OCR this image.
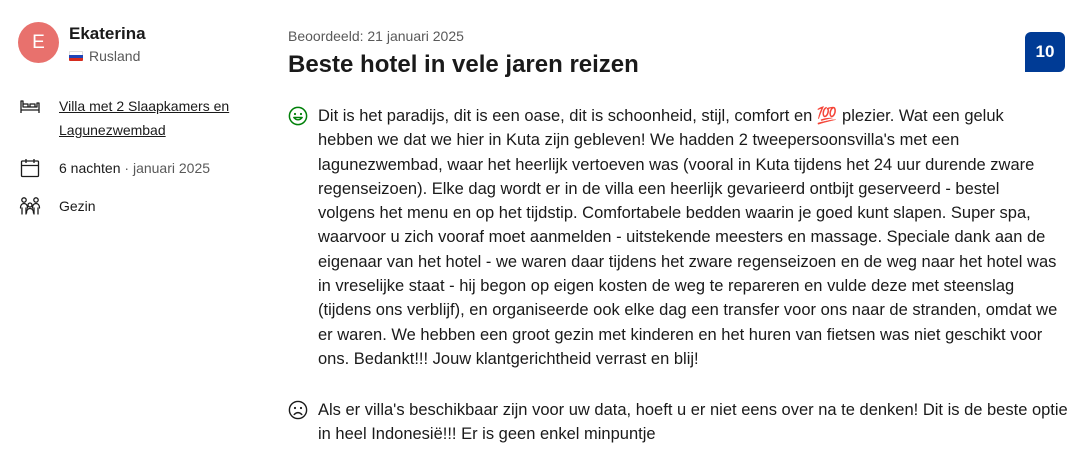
E	Ekaterina
Rusland
Villa met 2 Slaapkamers en Lagunezwembad
6 nachten · januari 2025
Gezin
Beoordeeld: 21 januari 2025
Beste hotel in vele jaren reizen	10

Dit is het paradijs, dit is een oase, dit is schoonheid, stijl, comfort en 💯 plezier. Wat een geluk hebben we dat we hier in Kuta zijn gebleven! We hadden 2 tweepersoonsvilla's met een lagunezwembad, waar het heerlijk vertoeven was (vooral in Kuta tijdens het 24 uur durende zware regenseizoen). Elke dag wordt er in de villa een heerlijk gevarieerd ontbijt geserveerd - bestel volgens het menu en op het tijdstip. Comfortabele bedden waarin je goed kunt slapen. Super spa, waarvoor u zich vooraf moet aanmelden - uitstekende meesters en massage. Speciale dank aan de eigenaar van het hotel - we waren daar tijdens het zware regenseizoen en de weg naar het hotel was in vreselijke staat - hij begon op eigen kosten de weg te repareren en vulde deze met steenslag (tijdens ons verblijf), en organiseerde ook elke dag een transfer voor ons naar de stranden, omdat we er waren. We hebben een groot gezin met kinderen en het huren van fietsen was niet geschikt voor ons. Bedankt!!! Jouw klantgerichtheid verrast en blij!

Als er villa's beschikbaar zijn voor uw data, hoeft u er niet eens over na te denken! Dit is de beste optie in heel Indonesië!!! Er is geen enkel minpuntje
